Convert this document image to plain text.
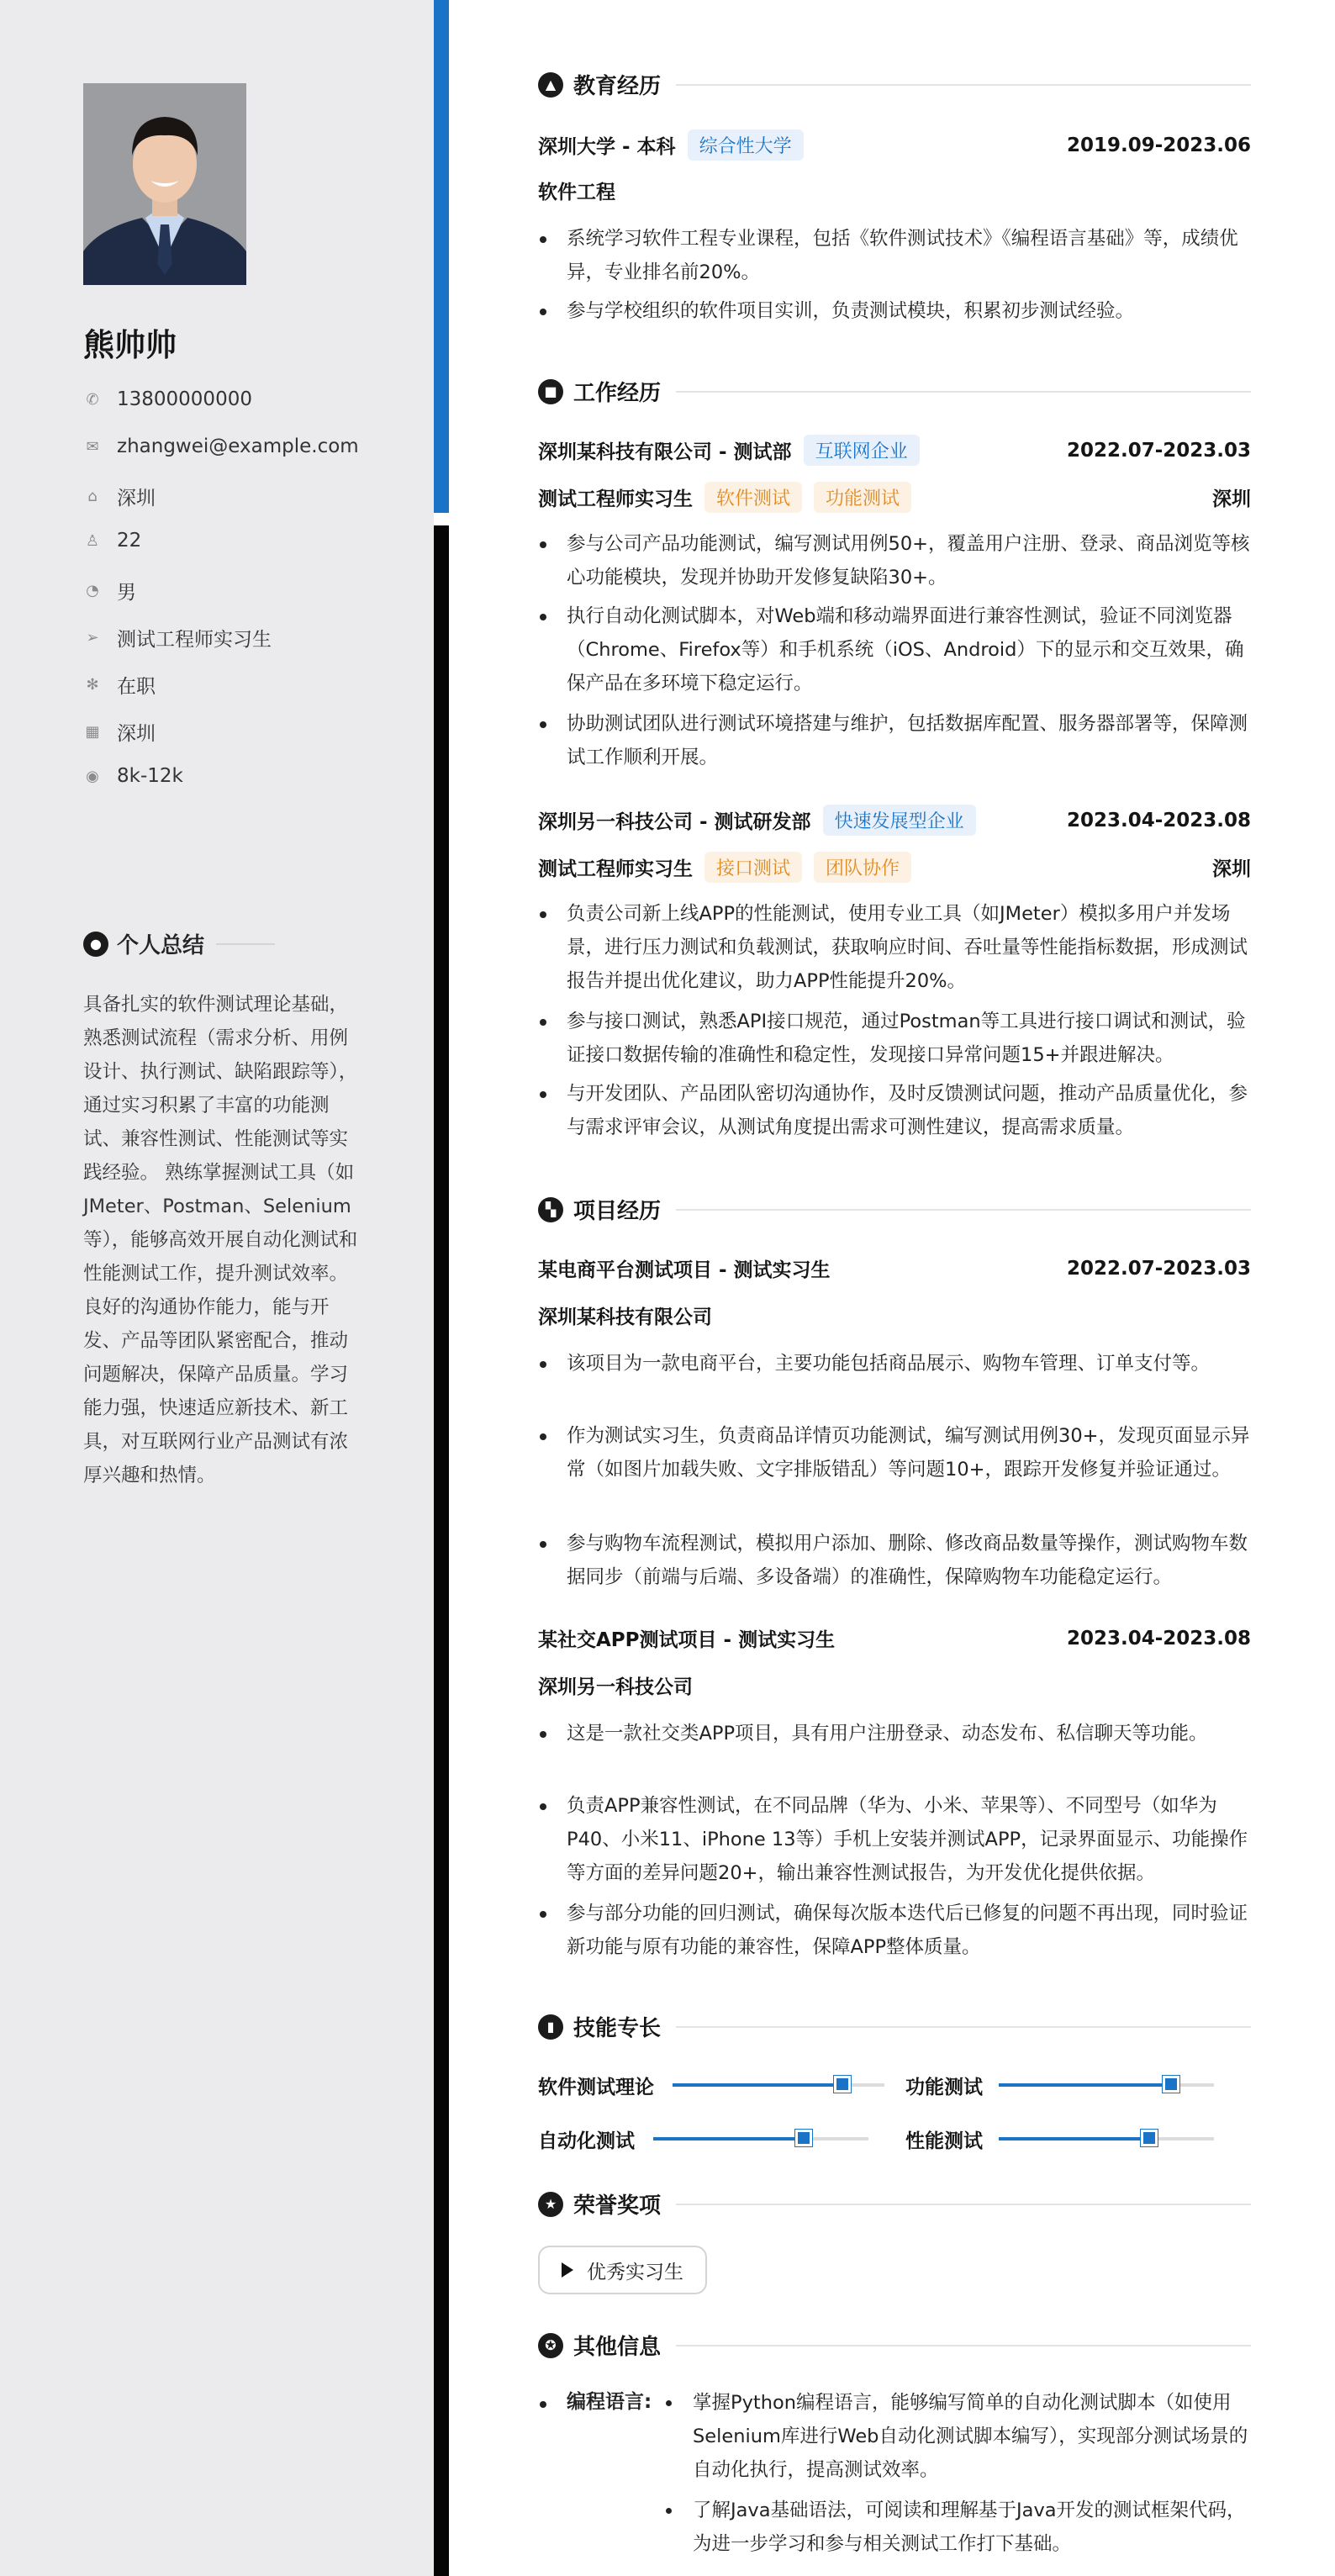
熊帅帅
✆ 13800000000
✉ zhangwei@example.com
⌂ 深圳
♙ 22
◔ 男
➢ 测试工程师实习生
✻ 在职
▦ 深圳
◉ 8k-12k
● 个人总结
具备扎实的软件测试理论基础，熟悉测试流程（需求分析、用例设计、执行测试、缺陷跟踪等），通过实习积累了丰富的功能测试、兼容性测试、性能测试等实践经验。 熟练掌握测试工具（如JMeter、Postman、Selenium等），能够高效开展自动化测试和性能测试工作，提升测试效率。 良好的沟通协作能力，能与开发、产品等团队紧密配合，推动问题解决，保障产品质量。学习能力强，快速适应新技术、新工具，对互联网行业产品测试有浓厚兴趣和热情。
▲ 教育经历
深圳大学 - 本科	综合性大学	2019.09-2023.06
软件工程
系统学习软件工程专业课程，包括《软件测试技术》《编程语言基础》等，成绩优异，专业排名前20%。
参与学校组织的软件项目实训，负责测试模块，积累初步测试经验。
■ 工作经历
深圳某科技有限公司 - 测试部	互联网企业	2022.07-2023.03
测试工程师实习生	软件测试	功能测试	深圳
参与公司产品功能测试，编写测试用例50+，覆盖用户注册、登录、商品浏览等核心功能模块，发现并协助开发修复缺陷30+。
执行自动化测试脚本，对Web端和移动端界面进行兼容性测试，验证不同浏览器（Chrome、Firefox等）和手机系统（iOS、Android）下的显示和交互效果，确保产品在多环境下稳定运行。
协助测试团队进行测试环境搭建与维护，包括数据库配置、服务器部署等，保障测试工作顺利开展。
深圳另一科技公司 - 测试研发部	快速发展型企业	2023.04-2023.08
测试工程师实习生	接口测试	团队协作	深圳
负责公司新上线APP的性能测试，使用专业工具（如JMeter）模拟多用户并发场景，进行压力测试和负载测试，获取响应时间、吞吐量等性能指标数据，形成测试报告并提出优化建议，助力APP性能提升20%。
参与接口测试，熟悉API接口规范，通过Postman等工具进行接口调试和测试，验证接口数据传输的准确性和稳定性，发现接口异常问题15+并跟进解决。
与开发团队、产品团队密切沟通协作，及时反馈测试问题，推动产品质量优化，参与需求评审会议，从测试角度提出需求可测性建议，提高需求质量。
▚ 项目经历
某电商平台测试项目 - 测试实习生	2022.07-2023.03
深圳某科技有限公司
该项目为一款电商平台，主要功能包括商品展示、购物车管理、订单支付等。
作为测试实习生，负责商品详情页功能测试，编写测试用例30+，发现页面显示异常（如图片加载失败、文字排版错乱）等问题10+，跟踪开发修复并验证通过。
参与购物车流程测试，模拟用户添加、删除、修改商品数量等操作，测试购物车数据同步（前端与后端、多设备端）的准确性，保障购物车功能稳定运行。
某社交APP测试项目 - 测试实习生	2023.04-2023.08
深圳另一科技公司
这是一款社交类APP项目，具有用户注册登录、动态发布、私信聊天等功能。
负责APP兼容性测试，在不同品牌（华为、小米、苹果等）、不同型号（如华为P40、小米11、iPhone 13等）手机上安装并测试APP，记录界面显示、功能操作等方面的差异问题20+，输出兼容性测试报告，为开发优化提供依据。
参与部分功能的回归测试，确保每次版本迭代后已修复的问题不再出现，同时验证新功能与原有功能的兼容性，保障APP整体质量。
▮ 技能专长
软件测试理论	功能测试
自动化测试	性能测试
★ 荣誉奖项
优秀实习生
✪ 其他信息
编程语言:	掌握Python编程语言，能够编写简单的自动化测试脚本（如使用Selenium库进行Web自动化测试脚本编写），实现部分测试场景的自动化执行，提高测试效率。
了解Java基础语法，可阅读和理解基于Java开发的测试框架代码，为进一步学习和参与相关测试工作打下基础。
